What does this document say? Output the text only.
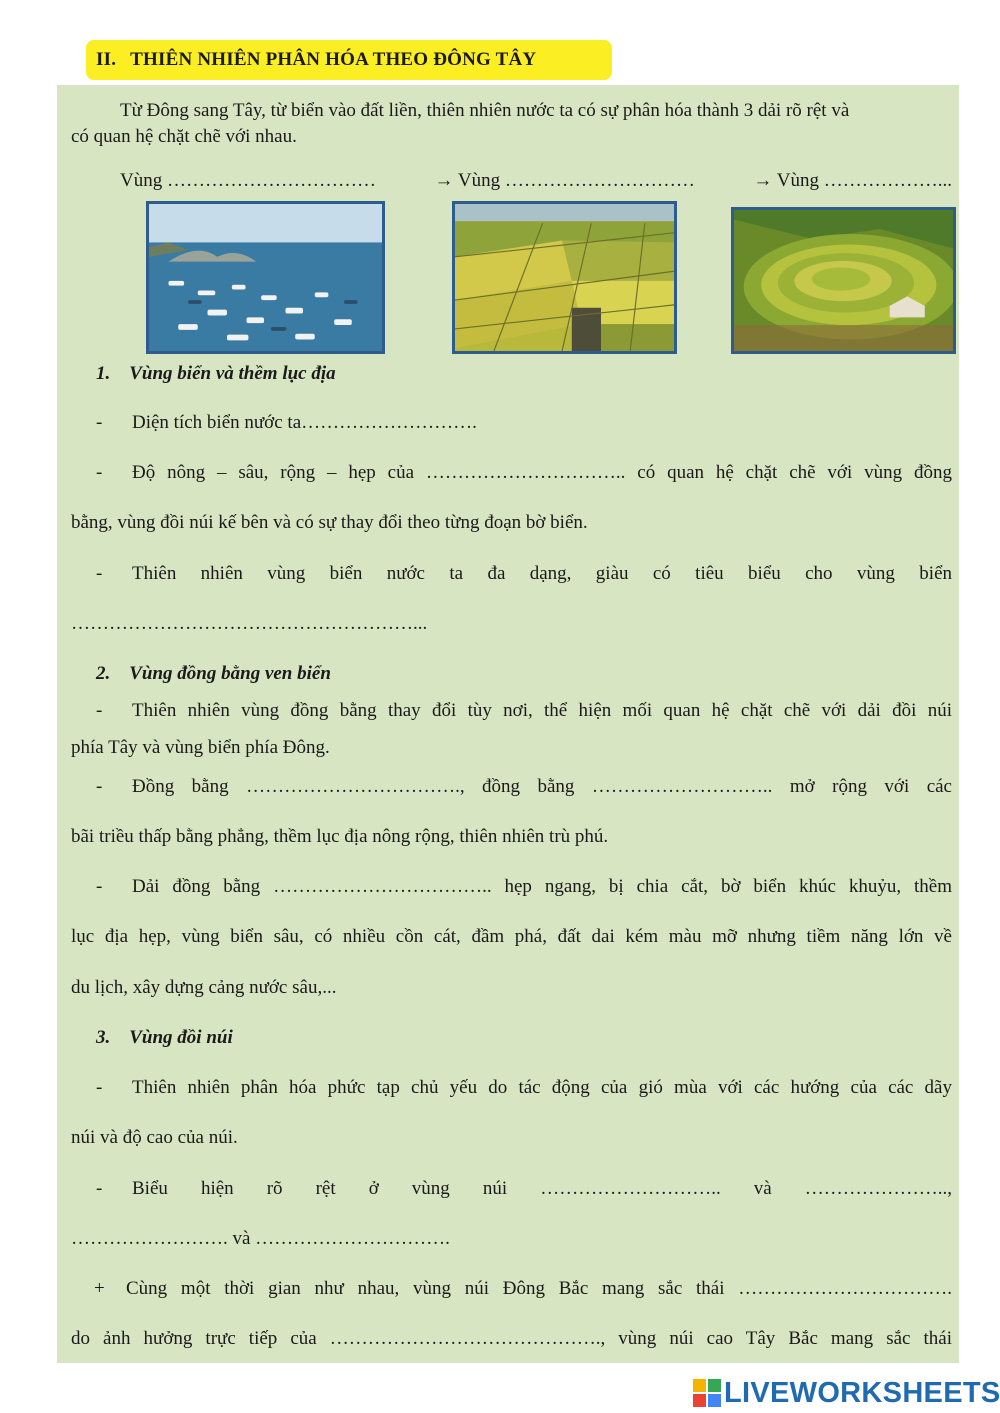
II. THIÊN NHIÊN PHÂN HÓA THEO ĐÔNG TÂY
Từ Đông sang Tây, từ biển vào đất liền, thiên nhiên nước ta có sự phân hóa thành 3 dải rõ rệt và
có quan hệ chặt chẽ với nhau.
Vùng ……………………………	→ Vùng …………………………	→ Vùng ………………...
1. Vùng biển và thềm lục địa
- Diện tích biển nước ta……………………….
- Độ nông – sâu, rộng – hẹp của ………………………….. có quan hệ chặt chẽ với vùng đồng
bằng, vùng đồi núi kế bên và có sự thay đổi theo từng đoạn bờ biển.
- Thiên nhiên vùng biển nước ta đa dạng, giàu có tiêu biểu cho vùng biển
………………………………………………...
2. Vùng đồng bằng ven biển
- Thiên nhiên vùng đồng bằng thay đổi tùy nơi, thể hiện mối quan hệ chặt chẽ với dải đồi núi
phía Tây và vùng biển phía Đông.
- Đồng bằng ……………………………., đồng bằng ……………………….. mở rộng với các
bãi triều thấp bằng phẳng, thềm lục địa nông rộng, thiên nhiên trù phú.
- Dải đồng bằng …………………………….. hẹp ngang, bị chia cắt, bờ biển khúc khuỷu, thềm
lục địa hẹp, vùng biển sâu, có nhiều cồn cát, đầm phá, đất dai kém màu mỡ nhưng tiềm năng lớn về
du lịch, xây dựng cảng nước sâu,...
3. Vùng đồi núi
- Thiên nhiên phân hóa phức tạp chủ yếu do tác động của gió mùa với các hướng của các dãy
núi và độ cao của núi.
- Biểu hiện rõ rệt ở vùng núi ……………………….. và …………………..,
……………………. và ………………………….
+ Cùng một thời gian như nhau, vùng núi Đông Bắc mang sắc thái …………………………….
do ảnh hưởng trực tiếp của ……………………………………., vùng núi cao Tây Bắc mang sắc thái
LIVEWORKSHEETS
